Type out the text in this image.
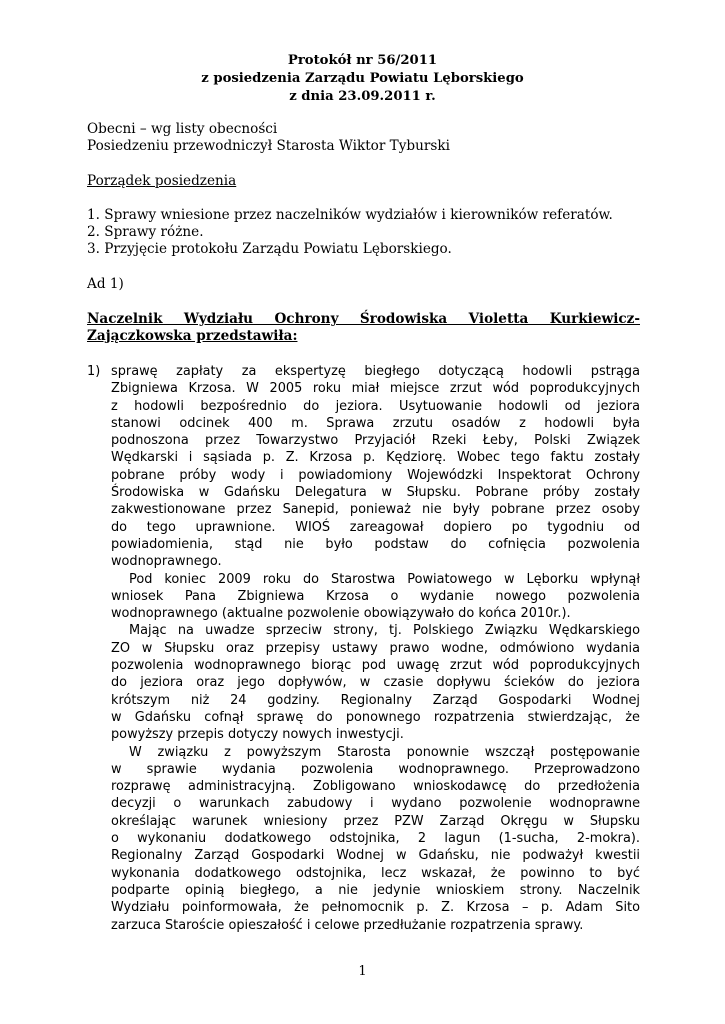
Protokół nr 56/2011
z posiedzenia Zarządu Powiatu Lęborskiego
z dnia 23.09.2011 r.
Obecni – wg listy obecności
Posiedzeniu przewodniczył Starosta Wiktor Tyburski
Porządek posiedzenia
1. Sprawy wniesione przez naczelników wydziałów i kierowników referatów.
2. Sprawy różne.
3. Przyjęcie protokołu Zarządu Powiatu Lęborskiego.
Ad 1)
Naczelnik Wydziału Ochrony Środowiska Violetta Kurkiewicz-
Zajączkowska przedstawiła:
1) sprawę zapłaty za ekspertyzę biegłego dotyczącą hodowli pstrąga
Zbigniewa Krzosa. W 2005 roku miał miejsce zrzut wód poprodukcyjnych
z hodowli bezpośrednio do jeziora. Usytuowanie hodowli od jeziora
stanowi odcinek 400 m. Sprawa zrzutu osadów z hodowli była
podnoszona przez Towarzystwo Przyjaciół Rzeki Łeby, Polski Związek
Wędkarski i sąsiada p. Z. Krzosa p. Kędziorę. Wobec tego faktu zostały
pobrane próby wody i powiadomiony Wojewódzki Inspektorat Ochrony
Środowiska w Gdańsku Delegatura w Słupsku. Pobrane próby zostały
zakwestionowane przez Sanepid, ponieważ nie były pobrane przez osoby
do tego uprawnione. WIOŚ zareagował dopiero po tygodniu od
powiadomienia, stąd nie było podstaw do cofnięcia pozwolenia
wodnoprawnego.
Pod koniec 2009 roku do Starostwa Powiatowego w Lęborku wpłynął
wniosek Pana Zbigniewa Krzosa o wydanie nowego pozwolenia
wodnoprawnego (aktualne pozwolenie obowiązywało do końca 2010r.).
Mając na uwadze sprzeciw strony, tj. Polskiego Związku Wędkarskiego
ZO w Słupsku oraz przepisy ustawy prawo wodne, odmówiono wydania
pozwolenia wodnoprawnego biorąc pod uwagę zrzut wód poprodukcyjnych
do jeziora oraz jego dopływów, w czasie dopływu ścieków do jeziora
krótszym niż 24 godziny. Regionalny Zarząd Gospodarki Wodnej
w Gdańsku cofnął sprawę do ponownego rozpatrzenia stwierdzając, że
powyższy przepis dotyczy nowych inwestycji.
W związku z powyższym Starosta ponownie wszczął postępowanie
w sprawie wydania pozwolenia wodnoprawnego. Przeprowadzono
rozprawę administracyjną. Zobligowano wnioskodawcę do przedłożenia
decyzji o warunkach zabudowy i wydano pozwolenie wodnoprawne
określając warunek wniesiony przez PZW Zarząd Okręgu w Słupsku
o wykonaniu dodatkowego odstojnika, 2 lagun (1-sucha, 2-mokra).
Regionalny Zarząd Gospodarki Wodnej w Gdańsku, nie podważył kwestii
wykonania dodatkowego odstojnika, lecz wskazał, że powinno to być
podparte opinią biegłego, a nie jedynie wnioskiem strony. Naczelnik
Wydziału poinformowała, że pełnomocnik p. Z. Krzosa – p. Adam Sito
zarzuca Staroście opieszałość i celowe przedłużanie rozpatrzenia sprawy.
1
